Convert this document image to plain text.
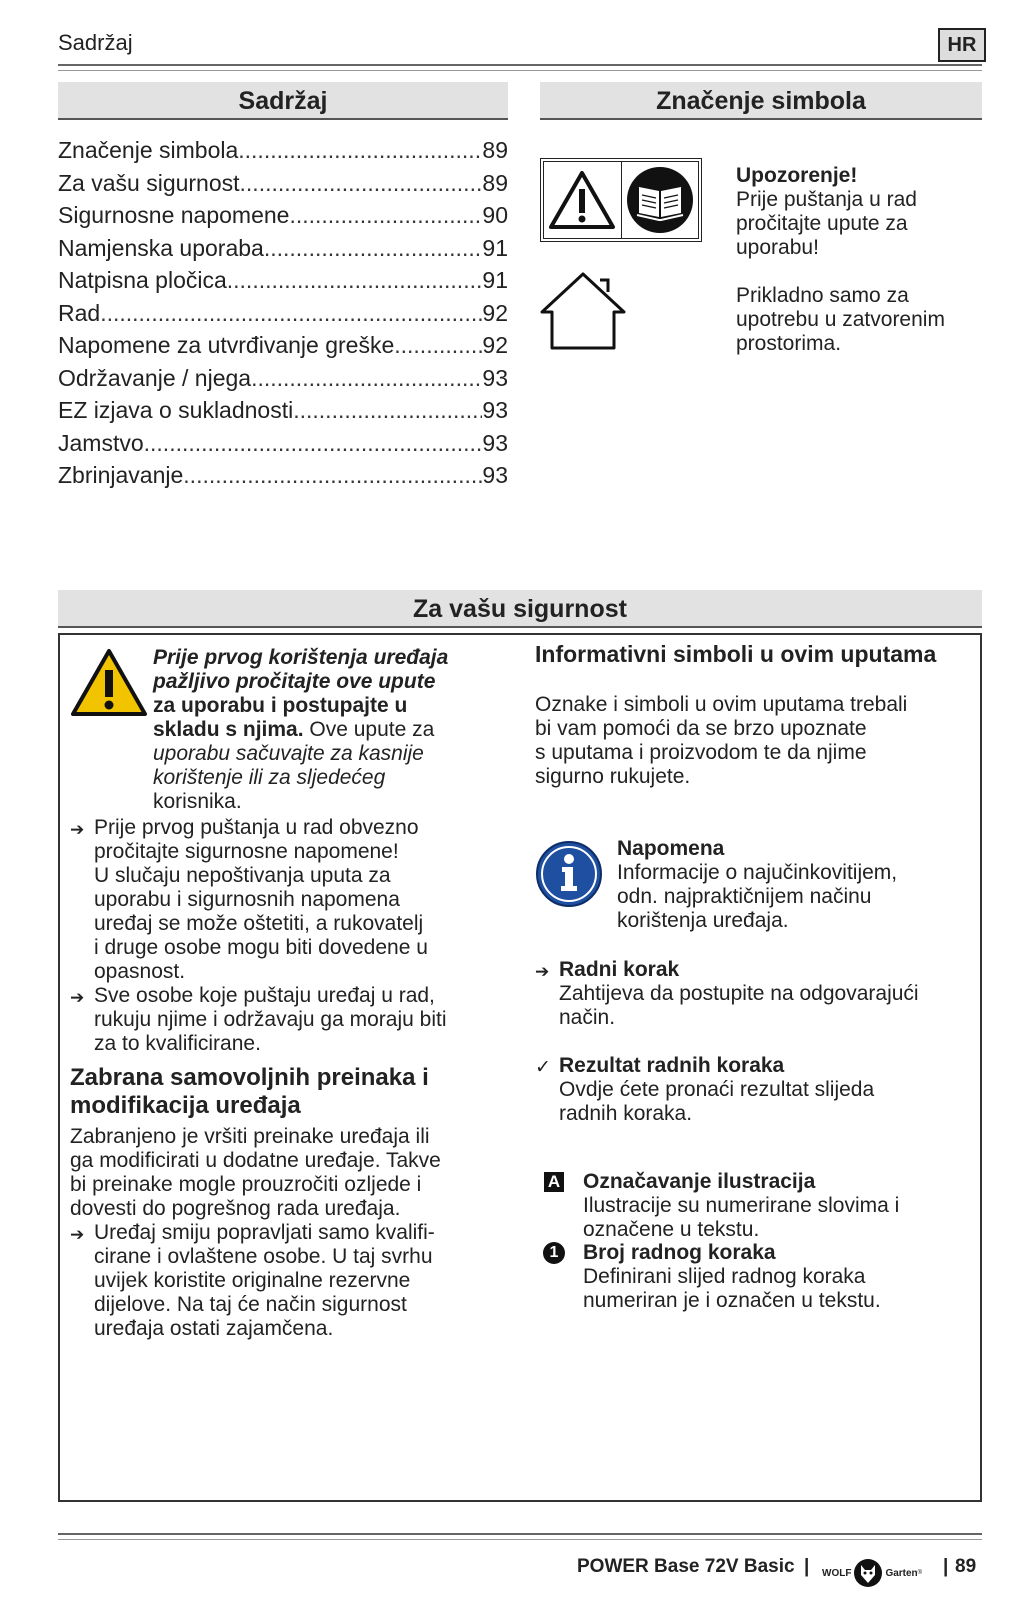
Sadržaj	HR
Sadržaj
Značenje simbola .....	89
Za vašu sigurnost .....	89
Sigurnosne napomene .....	90
Namjenska uporaba .....	91
Natpisna pločica .....	91
Rad .....	92
Napomene za utvrđivanje greške .....	92
Održavanje / njega .....	93
EZ izjava o sukladnosti .....	93
Jamstvo .....	93
Zbrinjavanje .....	93
Značenje simbola
Upozorenje!
Prije puštanja u rad
pročitajte upute za
uporabu!
Prikladno samo za
upotrebu u zatvorenim
prostorima.
Za vašu sigurnost
Prije prvog korištenja uređaja
pažljivo pročitajte ove upute
za uporabu i postupajte u
skladu s njima. Ove upute za
uporabu sačuvajte za kasnije
korištenje ili za sljedećeg
korisnika.
➔ Prije prvog puštanja u rad obvezno
pročitajte sigurnosne napomene!
U slučaju nepoštivanja uputa za
uporabu i sigurnosnih napomena
uređaj se može oštetiti, a rukovatelj
i druge osobe mogu biti dovedene u
opasnost.
➔ Sve osobe koje puštaju uređaj u rad,
rukuju njime i održavaju ga moraju biti
za to kvalificirane.
Zabrana samovoljnih preinaka i
modifikacija uređaja
Zabranjeno je vršiti preinake uređaja ili
ga modificirati u dodatne uređaje. Takve
bi preinake mogle prouzročiti ozljede i
dovesti do pogrešnog rada uređaja.
➔ Uređaj smiju popravljati samo kvalifi-
cirane i ovlaštene osobe. U taj svrhu
uvijek koristite originalne rezervne
dijelove. Na taj će način sigurnost
uređaja ostati zajamčena.
Informativni simboli u ovim uputama
Oznake i simboli u ovim uputama trebali
bi vam pomoći da se brzo upoznate
s uputama i proizvodom te da njime
sigurno rukujete.
Napomena
Informacije o najučinkovitijem,
odn. najpraktičnijem načinu
korištenja uređaja.
➔ Radni korak
Zahtijeva da postupite na odgovarajući
način.
✓ Rezultat radnih koraka
Ovdje ćete pronaći rezultat slijeda
radnih koraka.
A Označavanje ilustracija
Ilustracije su numerirane slovima i
označene u tekstu.
1	Broj radnog koraka
Definirani slijed radnog koraka
numeriran je i označen u tekstu.
POWER Base 72V Basic | WOLF	Garten ® | 89
